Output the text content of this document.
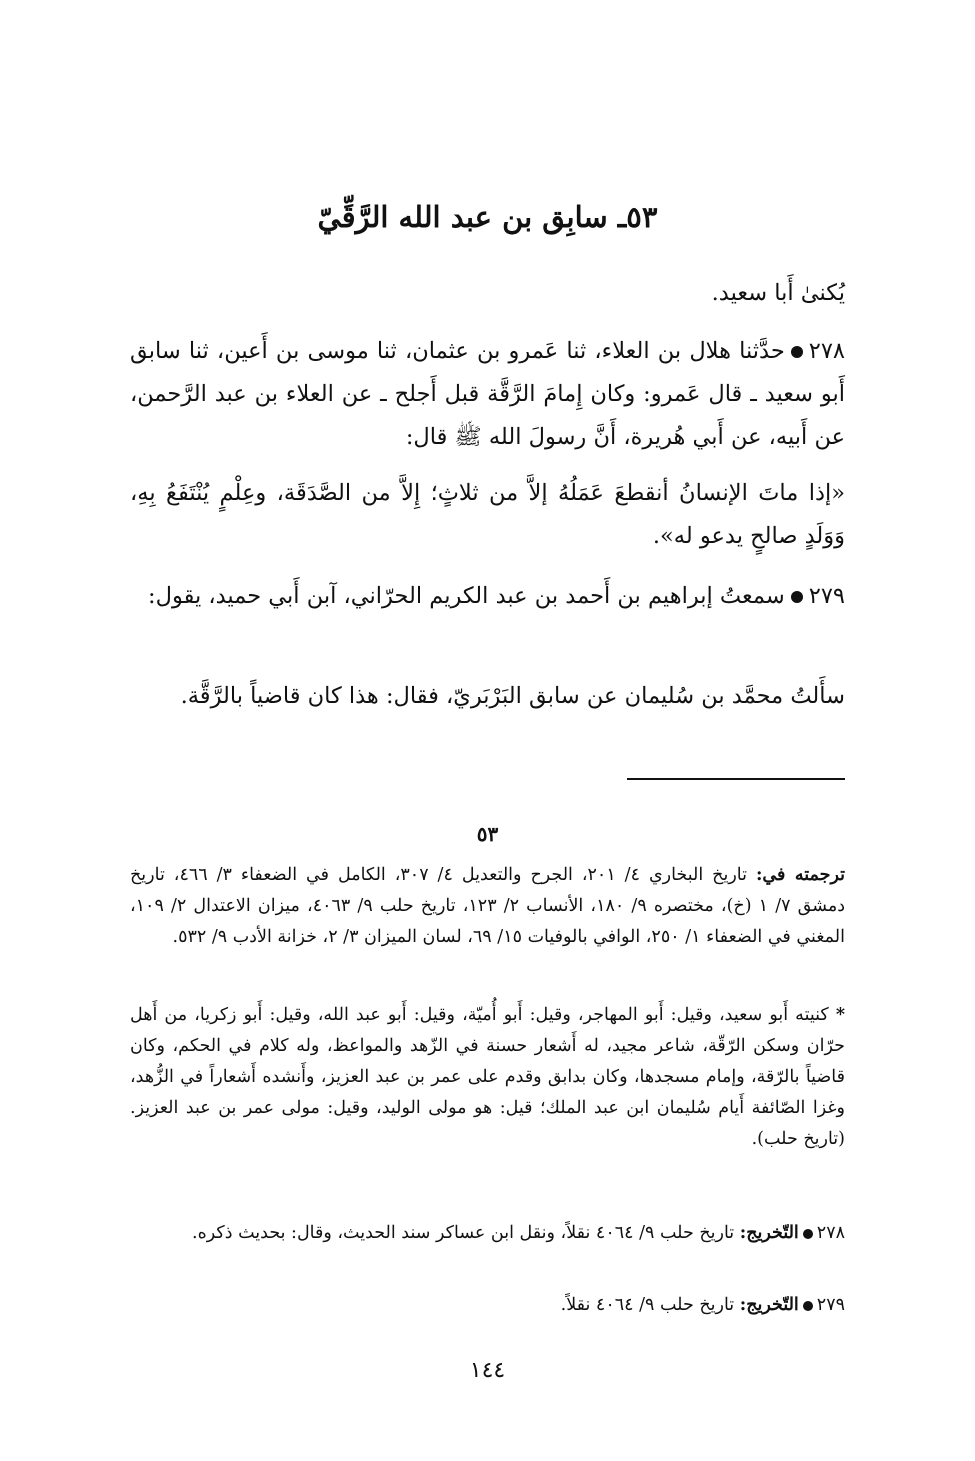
٥٣ـ سابِق بن عبد الله الرَّقِّيّ
يُكنىٰ أَبا سعيد.
٢٧٨حدَّثنا هلال بن العلاء، ثنا عَمرو بن عثمان، ثنا موسى بن أَعين، ثنا سابق أَبو سعيد ـ قال عَمرو: وكان إِمامَ الرَّقَّة قبل أَجلح ـ عن العلاء بن عبد الرَّحمن، عن أَبيه، عن أَبي هُريرة، أَنَّ رسولَ الله ﷺ قال:
«إذا ماتَ الإنسانُ أنقطعَ عَمَلُهُ إلاَّ من ثلاثٍ؛ إِلاَّ من الصَّدَقَة، وعِلْمٍ يُنْتَفَعُ بِهِ، وَوَلَدٍ صالحٍ يدعو له».
٢٧٩سمعتُ إبراهيم بن أَحمد بن عبد الكريم الحرّاني، آبن أَبي حميد، يقول:
سأَلتُ محمَّد بن سُليمان عن سابق البَرْبَريّ، فقال: هذا كان قاضياً بالرَّقَّة.
٥٣
ترجمته في: تاريخ البخاري ٤/ ٢٠١، الجرح والتعديل ٤/ ٣٠٧، الكامل في الضعفاء ٣/ ٤٦٦، تاريخ دمشق ٧/ ١ (خ)، مختصره ٩/ ١٨٠، الأنساب ٢/ ١٢٣، تاريخ حلب ٩/ ٤٠٦٣، ميزان الاعتدال ٢/ ١٠٩، المغني في الضعفاء ١/ ٢٥٠، الوافي بالوفيات ١٥/ ٦٩، لسان الميزان ٣/ ٢، خزانة الأدب ٩/ ٥٣٢.
* كنيته أَبو سعيد، وقيل: أَبو المهاجر، وقيل: أَبو أُميّة، وقيل: أَبو عبد الله، وقيل: أَبو زكريا، من أَهل حرّان وسكن الرّقّة، شاعر مجيد، له أَشعار حسنة في الزّهد والمواعظ، وله كلام في الحكم، وكان قاضياً بالرّقة، وإمام مسجدها، وكان بدابق وقدم على عمر بن عبد العزيز، وأَنشده أَشعاراً في الزُّهد، وغزا الصّائفة أَيام سُليمان ابن عبد الملك؛ قيل: هو مولى الوليد، وقيل: مولى عمر بن عبد العزيز. (تاريخ حلب).
٢٧٨التّخريج: تاريخ حلب ٩/ ٤٠٦٤ نقلاً، ونقل ابن عساكر سند الحديث، وقال: بحديث ذكره.
٢٧٩التّخريج: تاريخ حلب ٩/ ٤٠٦٤ نقلاً.
١٤٤
